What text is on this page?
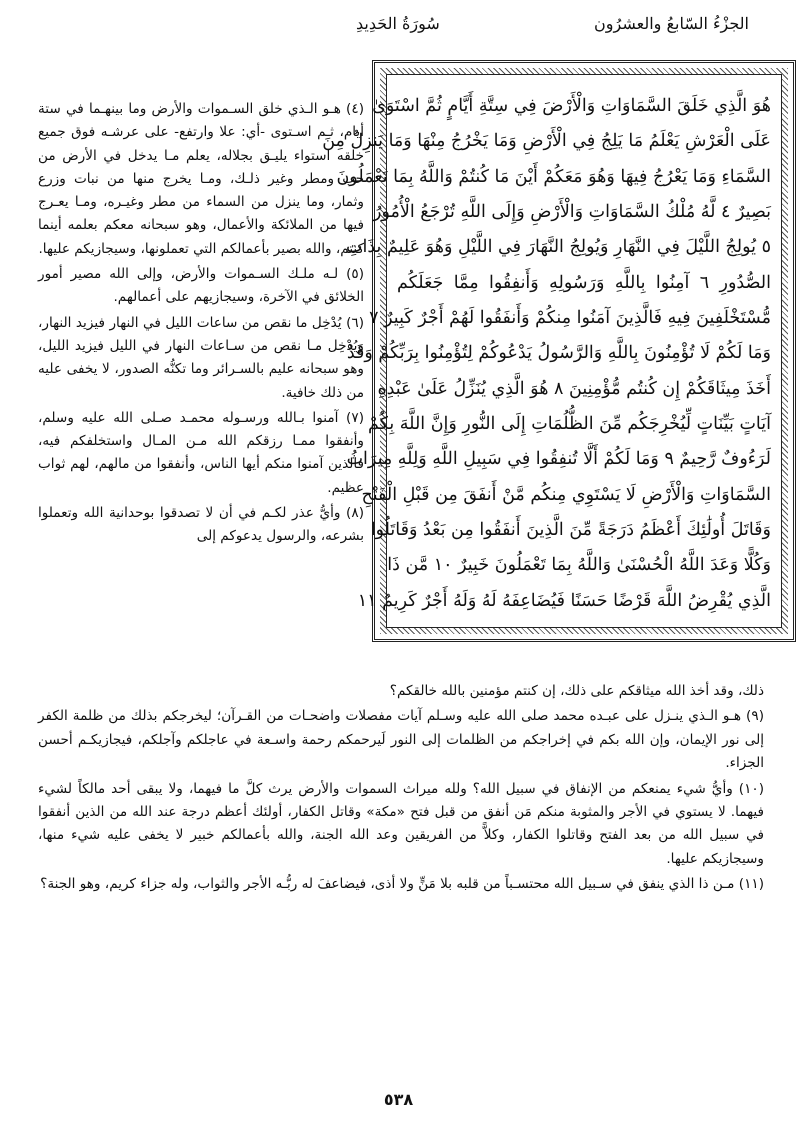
الجزْءُ السّابعُ والعشرُون
سُورَةُ الحَدِيدِ
هُوَ الَّذِي خَلَقَ السَّمَاوَاتِ وَالْأَرْضَ فِي سِتَّةِ أَيَّامٍ ثُمَّ اسْتَوَىٰ
عَلَى الْعَرْشِ يَعْلَمُ مَا يَلِجُ فِي الْأَرْضِ وَمَا يَخْرُجُ مِنْهَا وَمَا يَنزِلُ مِنَ
السَّمَاءِ وَمَا يَعْرُجُ فِيهَا وَهُوَ مَعَكُمْ أَيْنَ مَا كُنتُمْ وَاللَّهُ بِمَا تَعْمَلُونَ
بَصِيرٌ ٤ لَّهُ مُلْكُ السَّمَاوَاتِ وَالْأَرْضِ وَإِلَى اللَّهِ تُرْجَعُ الْأُمُورُ
٥ يُولِجُ اللَّيْلَ فِي النَّهَارِ وَيُولِجُ النَّهَارَ فِي اللَّيْلِ وَهُوَ عَلِيمٌ بِذَاتِ
الصُّدُورِ ٦ آمِنُوا بِاللَّهِ وَرَسُولِهِ وَأَنفِقُوا مِمَّا جَعَلَكُم
مُّسْتَخْلَفِينَ فِيهِ فَالَّذِينَ آمَنُوا مِنكُمْ وَأَنفَقُوا لَهُمْ أَجْرٌ كَبِيرٌ ٧
وَمَا لَكُمْ لَا تُؤْمِنُونَ بِاللَّهِ وَالرَّسُولُ يَدْعُوكُمْ لِتُؤْمِنُوا بِرَبِّكُمْ وَقَدْ
أَخَذَ مِيثَاقَكُمْ إِن كُنتُم مُّؤْمِنِينَ ٨ هُوَ الَّذِي يُنَزِّلُ عَلَىٰ عَبْدِهِ
آيَاتٍ بَيِّنَاتٍ لِّيُخْرِجَكُم مِّنَ الظُّلُمَاتِ إِلَى النُّورِ وَإِنَّ اللَّهَ بِكُمْ
لَرَءُوفٌ رَّحِيمٌ ٩ وَمَا لَكُمْ أَلَّا تُنفِقُوا فِي سَبِيلِ اللَّهِ وَلِلَّهِ مِيرَاثُ
السَّمَاوَاتِ وَالْأَرْضِ لَا يَسْتَوِي مِنكُم مَّنْ أَنفَقَ مِن قَبْلِ الْفَتْحِ
وَقَاتَلَ أُولَٰئِكَ أَعْظَمُ دَرَجَةً مِّنَ الَّذِينَ أَنفَقُوا مِن بَعْدُ وَقَاتَلُوا
وَكُلًّا وَعَدَ اللَّهُ الْحُسْنَىٰ وَاللَّهُ بِمَا تَعْمَلُونَ خَبِيرٌ ١٠ مَّن ذَا
الَّذِي يُقْرِضُ اللَّهَ قَرْضًا حَسَنًا فَيُضَاعِفَهُ لَهُ وَلَهُ أَجْرٌ كَرِيمٌ ١١

(٤) هـو الـذي خلق السـموات والأرض وما بينهـما في ستة أيام، ثـم اسـتوى -أي: علا وارتفع- على عرشـه فوق جميع خلقه استواء يليـق بجلاله، يعلم مـا يدخل في الأرض من حب ومطر وغير ذلـك، ومـا يخرج منها من نبات وزرع وثمار، وما ينزل من السماء من مطر وغيـره، ومـا يعـرج فيها من الملائكة والأعمال، وهو سبحانه معكم بعلمه أينما كنتم، والله بصير بأعمالكم التي تعملونها، وسيجازيكم عليها.

(٥) لـه ملـك السـموات والأرض، وإلى الله مصير أمور الخلائق في الآخرة، وسيجازيهم على أعمالهم.

(٦) يُدْخِل ما نقص من ساعات الليل في النهار فيزيد النهار، ويُدْخِل مـا نقص من سـاعات النهار في الليل فيزيد الليل، وهو سبحانه عليم بالسـرائر وما تكنُّه الصدور، لا يخفى عليه من ذلك خافية.

(٧) آمنوا بـالله ورسـوله محمـد صـلى الله عليه وسلم، وأنفقوا ممـا رزقكم الله مـن المـال واستخلفكم فيه، فالذين آمنوا منكم أيها الناس، وأنفقوا من مالهم، لهم ثواب عظيم.

(٨) وأيُّ عذر لكـم في أن لا تصدقوا بوحدانية الله وتعملوا بشرعه، والرسول يدعوكم إلى

ذلك، وقد أخذ الله ميثاقكم على ذلك، إن كنتم مؤمنين بالله خالقكم؟

(٩) هـو الـذي ينـزل على عبـده محمد صلى الله عليه وسـلم آيات مفصلات واضحـات من القـرآن؛ ليخرجكم بذلك من ظلمة الكفر إلى نور الإيمان، وإن الله بكم في إخراجكم من الظلمات إلى النور لَيرحمكم رحمة واسـعة في عاجلكم وآجلكم، فيجازيكـم أحسن الجزاء.

(١٠) وأيُّ شيء يمنعكم من الإنفاق في سبيل الله؟ ولله ميراث السموات والأرض يرث كلَّ ما فيهما، ولا يبقى أحد مالكاً لشيء فيهما. لا يستوي في الأجر والمثوبة منكم مَن أنفق من قبل فتح «مكة» وقاتل الكفار، أولئك أعظم درجة عند الله من الذين أنفقوا في سبيل الله من بعد الفتح وقاتلوا الكفار، وكلاًّ من الفريقين وعد الله الجنة، والله بأعمالكم خبير لا يخفى عليه شيء منها، وسيجازيكم عليها.

(١١) مـن ذا الذي ينفق في سـبيل الله محتسـباً من قلبه بلا مَنٍّ ولا أذى، فيضاعفَ له ربُّـه الأجر والثواب، وله جزاء كريم، وهو الجنة؟

٥٣٨
